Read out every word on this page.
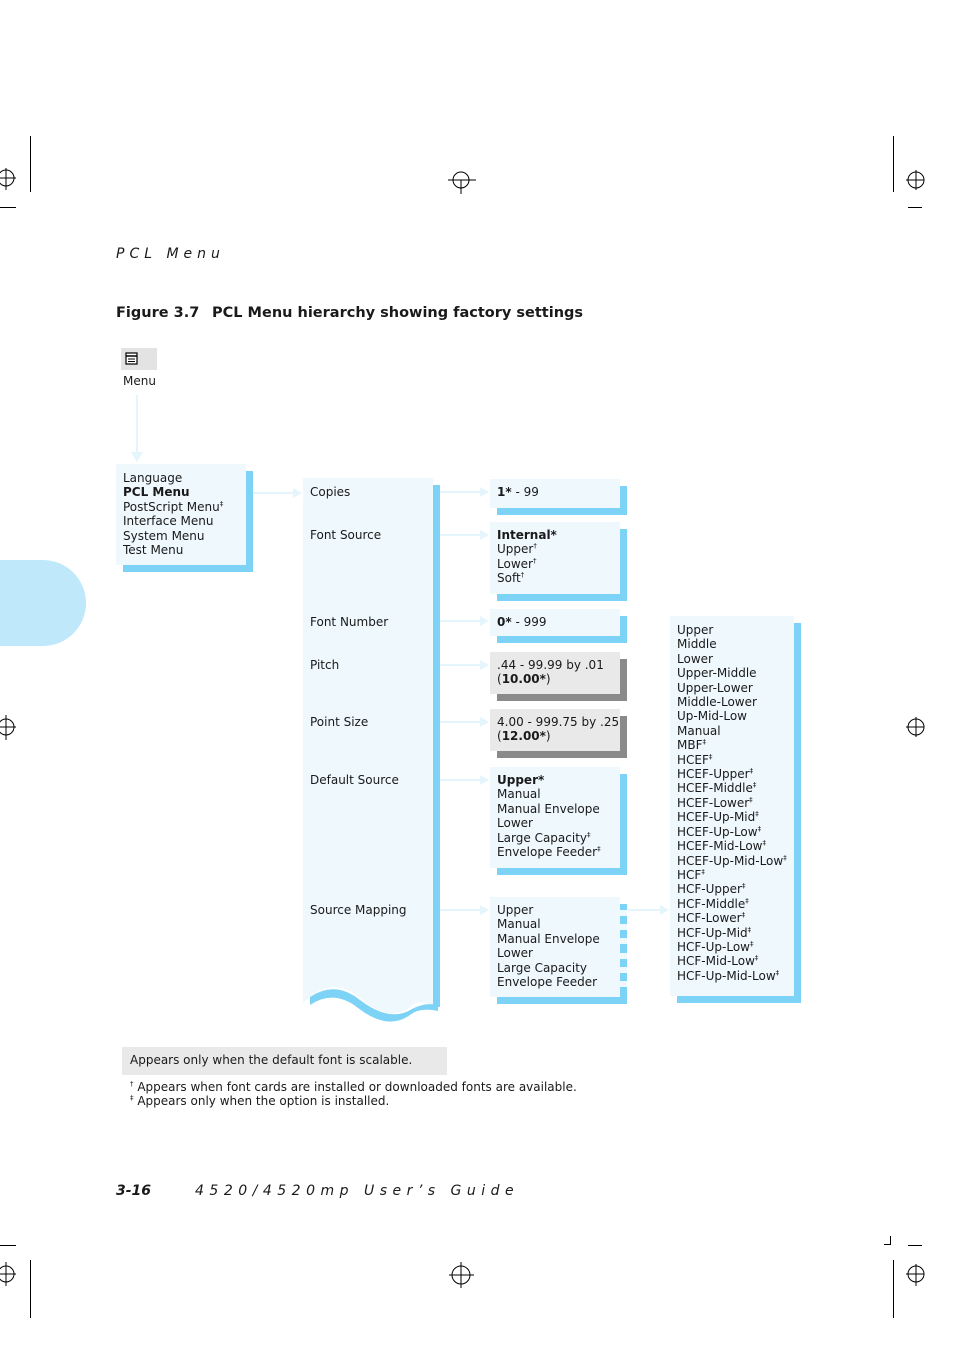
PCL Menu
Figure 3.7 PCL Menu hierarchy showing factory settings
Menu
Language
PCL Menu
PostScript Menu‡
Interface Menu
System Menu
Test Menu
Copies
Font Source
Font Number
Pitch
Point Size
Default Source
Source Mapping
1* - 99
Internal*
Upper†
Lower†
Soft†
0* - 999
.44 - 99.99 by .01
(10.00*)
4.00 - 999.75 by .25
(12.00*)
Upper*
Manual
Manual Envelope
Lower
Large Capacity‡
Envelope Feeder‡
Upper
Manual
Manual Envelope
Lower
Large Capacity
Envelope Feeder
Upper
Middle
Lower
Upper-Middle
Upper-Lower
Middle-Lower
Up-Mid-Low
Manual
MBF‡
HCEF‡
HCEF-Upper‡
HCEF-Middle‡
HCEF-Lower‡
HCEF-Up-Mid‡
HCEF-Up-Low‡
HCEF-Mid-Low‡
HCEF-Up-Mid-Low‡
HCF‡
HCF-Upper‡
HCF-Middle‡
HCF-Lower‡
HCF-Up-Mid‡
HCF-Up-Low‡
HCF-Mid-Low‡
HCF-Up-Mid-Low‡
Appears only when the default font is scalable.
† Appears when font cards are installed or downloaded fonts are available.
‡ Appears only when the option is installed.
3-16	4520/4520mp User’s Guide
